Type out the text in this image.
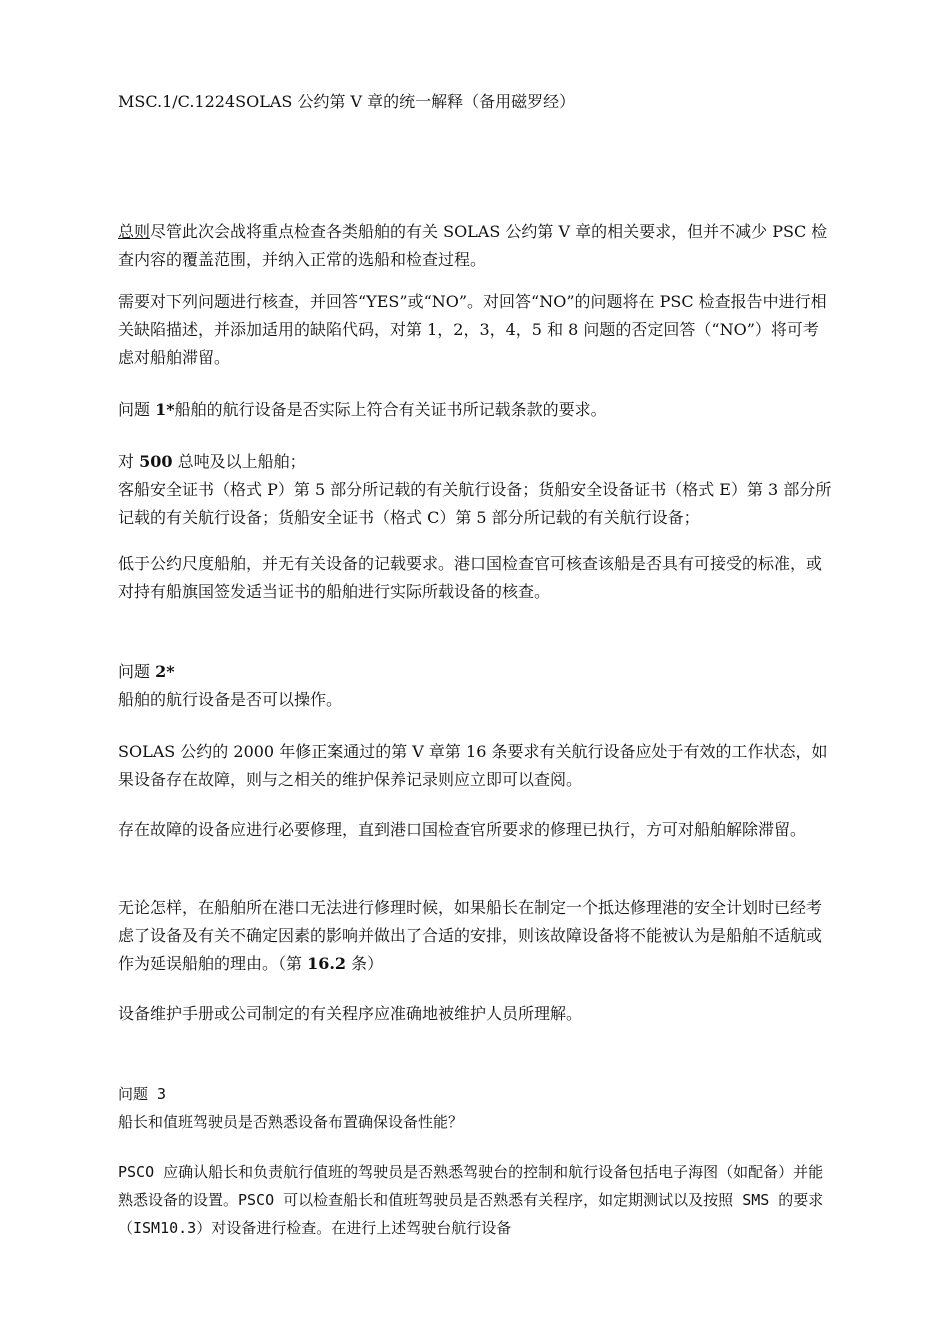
MSC.1/C.1224SOLAS 公约第 V 章的统一解释（备用磁罗经）

总则尽管此次会战将重点检查各类船舶的有关 SOLAS 公约第 V 章的相关要求，但并不减少 PSC 检查内容的覆盖范围，并纳入正常的选船和检查过程。

需要对下列问题进行核查，并回答“YES”或“NO”。对回答“NO”的问题将在 PSC 检查报告中进行相关缺陷描述，并添加适用的缺陷代码，对第 1，2，3，4，5 和 8 问题的否定回答（“NO”）将可考虑对船舶滞留。

问题 1*船舶的航行设备是否实际上符合有关证书所记载条款的要求。

对 500 总吨及以上船舶；
客船安全证书（格式 P）第 5 部分所记载的有关航行设备；货船安全设备证书（格式 E）第 3 部分所记载的有关航行设备；货船安全证书（格式 C）第 5 部分所记载的有关航行设备；

低于公约尺度船舶，并无有关设备的记载要求。港口国检查官可核查该船是否具有可接受的标准，或对持有船旗国签发适当证书的船舶进行实际所载设备的核查。

问题 2*
船舶的航行设备是否可以操作。

SOLAS 公约的 2000 年修正案通过的第 V 章第 16 条要求有关航行设备应处于有效的工作状态，如果设备存在故障，则与之相关的维护保养记录则应立即可以查阅。

存在故障的设备应进行必要修理，直到港口国检查官所要求的修理已执行，方可对船舶解除滞留。

无论怎样，在船舶所在港口无法进行修理时候，如果船长在制定一个抵达修理港的安全计划时已经考虑了设备及有关不确定因素的影响并做出了合适的安排，则该故障设备将不能被认为是船舶不适航或作为延误船舶的理由。（第 16.2 条）

设备维护手册或公司制定的有关程序应准确地被维护人员所理解。

问题 3
船长和值班驾驶员是否熟悉设备布置确保设备性能？

PSCO 应确认船长和负责航行值班的驾驶员是否熟悉驾驶台的控制和航行设备包括电子海图（如配备）并能熟悉设备的设置。PSCO 可以检查船长和值班驾驶员是否熟悉有关程序，如定期测试以及按照 SMS 的要求（ISM10.3）对设备进行检查。在进行上述驾驶台航行设备
